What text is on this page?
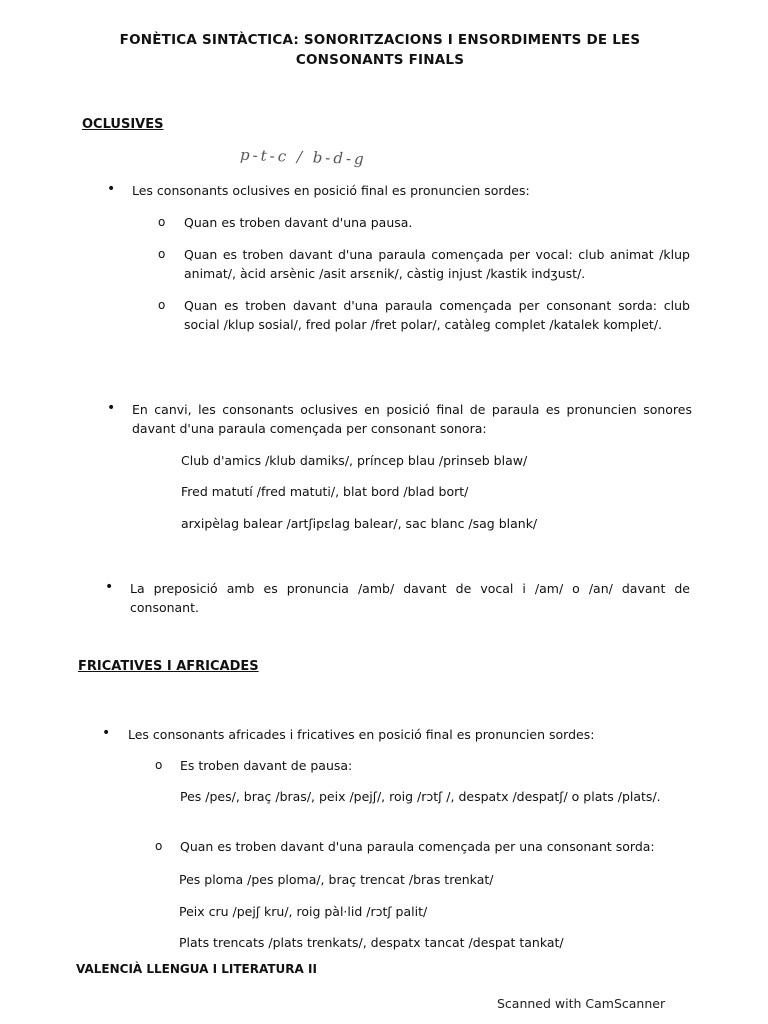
FONÈTICA SINTÀCTICA: SONORITZACIONS I ENSORDIMENTS DE LES
CONSONANTS FINALS
OCLUSIVES
p-t-c / b-d-g
• Les consonants oclusives en posició final es pronuncien sordes:
o Quan es troben davant d'una pausa.
o Quan es troben davant d'una paraula començada per vocal: club animat /klup animat/, àcid arsènic /asit arsɛnik/, càstig injust /kastik indʒust/.
o Quan es troben davant d'una paraula començada per consonant sorda: club social /klup sosial/, fred polar /fret polar/, catàleg complet /katalek komplet/.
• En canvi, les consonants oclusives en posició final de paraula es pronuncien sonores davant d'una paraula començada per consonant sonora:
Club d'amics /klub damiks/, príncep blau /prinseb blaw/
Fred matutí /fred matuti/, blat bord /blad bort/
arxipèlag balear /artʃipɛlag balear/, sac blanc /sag blank/
• La preposició amb es pronuncia /amb/ davant de vocal i /am/ o /an/ davant de consonant.
FRICATIVES I AFRICADES
• Les consonants africades i fricatives en posició final es pronuncien sordes:
o Es troben davant de pausa:
Pes /pes/, braç /bras/, peix /pejʃ/, roig /rɔtʃ /, despatx /despatʃ/ o plats /plats/.
o Quan es troben davant d'una paraula començada per una consonant sorda:
Pes ploma /pes ploma/, braç trencat /bras trenkat/
Peix cru /pejʃ kru/, roig pàl·lid /rɔtʃ palit/
Plats trencats /plats trenkats/, despatx tancat /despat tankat/
VALENCIÀ LLENGUA I LITERATURA II
Scanned with CamScanner
